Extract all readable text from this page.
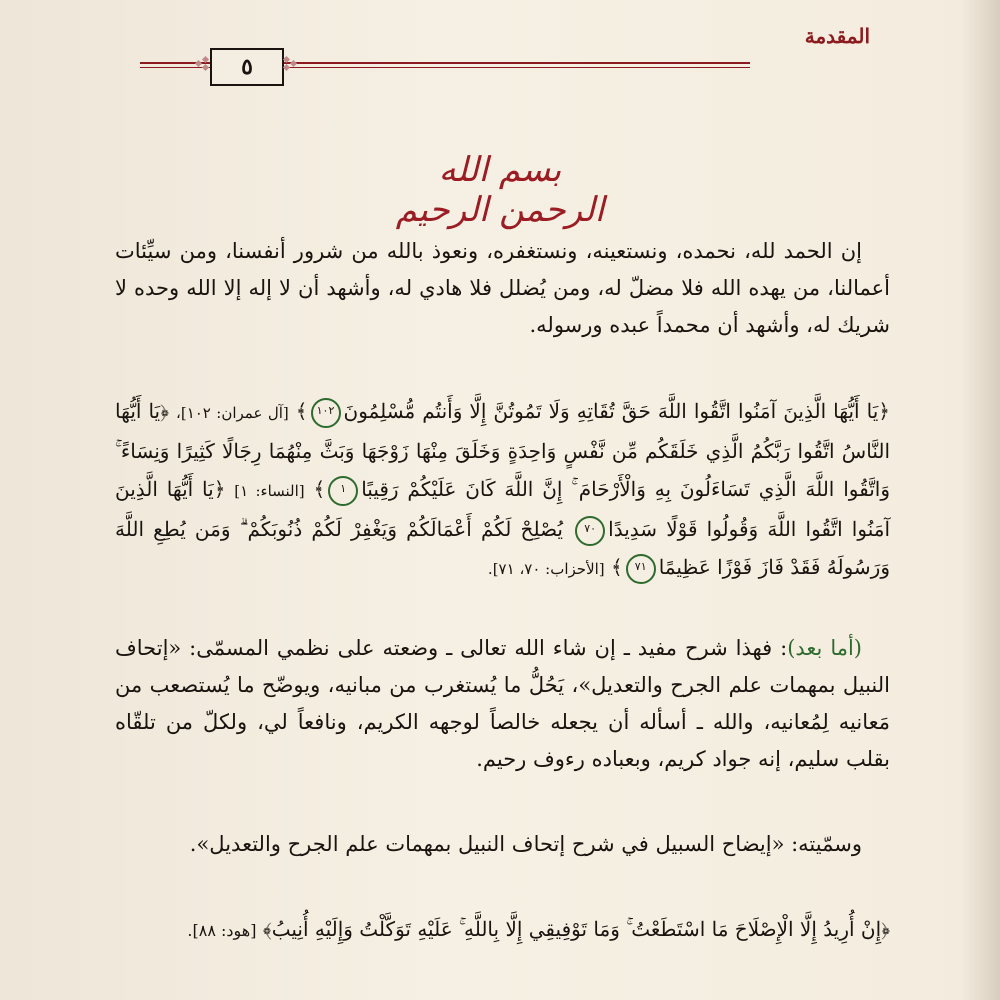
المقدمة
٥
بسم الله الرحمن الرحيم
إن الحمد لله، نحمده، ونستعينه، ونستغفره، ونعوذ بالله من شرور أنفسنا، ومن سيِّئات أعمالنا، من يهده الله فلا مضلّ له، ومن يُضلل فلا هادي له، وأشهد أن لا إله إلا الله وحده لا شريك له، وأشهد أن محمداً عبده ورسوله.
﴿يَا أَيُّهَا الَّذِينَ آمَنُوا اتَّقُوا اللَّهَ حَقَّ تُقَاتِهِ وَلَا تَمُوتُنَّ إِلَّا وَأَنتُم مُّسْلِمُونَ١٠٢﴾ [آل عمران: ١٠٢]، ﴿يَا أَيُّهَا النَّاسُ اتَّقُوا رَبَّكُمُ الَّذِي خَلَقَكُم مِّن نَّفْسٍ وَاحِدَةٍ وَخَلَقَ مِنْهَا زَوْجَهَا وَبَثَّ مِنْهُمَا رِجَالًا كَثِيرًا وَنِسَاءً ۚ وَاتَّقُوا اللَّهَ الَّذِي تَسَاءَلُونَ بِهِ وَالْأَرْحَامَ ۚ إِنَّ اللَّهَ كَانَ عَلَيْكُمْ رَقِيبًا١﴾ [النساء: ١] ﴿يَا أَيُّهَا الَّذِينَ آمَنُوا اتَّقُوا اللَّهَ وَقُولُوا قَوْلًا سَدِيدًا٧٠ يُصْلِحْ لَكُمْ أَعْمَالَكُمْ وَيَغْفِرْ لَكُمْ ذُنُوبَكُمْ ۗ وَمَن يُطِعِ اللَّهَ وَرَسُولَهُ فَقَدْ فَازَ فَوْزًا عَظِيمًا٧١﴾ [الأحزاب: ٧٠، ٧١].
(أما بعد): فهذا شرح مفيد ـ إن شاء الله تعالى ـ وضعته على نظمي المسمّى: «إتحاف النبيل بمهمات علم الجرح والتعديل»، يَحُلُّ ما يُستغرب من مبانيه، ويوضّح ما يُستصعب من مَعانيه لِمُعانيه، والله ـ أسأله أن يجعله خالصاً لوجهه الكريم، ونافعاً لي، ولكلّ من تلقّاه بقلب سليم، إنه جواد كريم، وبعباده رءوف رحيم.
وسمّيته: «إيضاح السبيل في شرح إتحاف النبيل بمهمات علم الجرح والتعديل».
﴿إِنْ أُرِيدُ إِلَّا الْإِصْلَاحَ مَا اسْتَطَعْتُ ۚ وَمَا تَوْفِيقِي إِلَّا بِاللَّهِ ۚ عَلَيْهِ تَوَكَّلْتُ وَإِلَيْهِ أُنِيبُ﴾ [هود: ٨٨].
